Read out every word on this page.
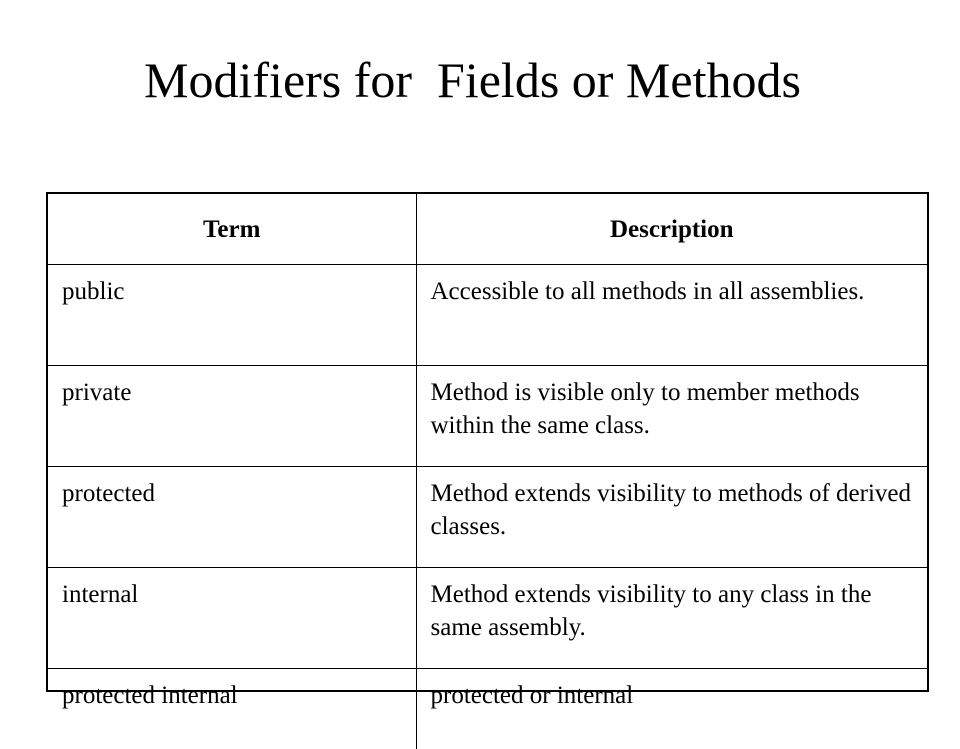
Modifiers for  Fields or Methods
Term	Description
public	Accessible to all methods in all assemblies.
private	Method is visible only to member methods within the same class.
protected	Method extends visibility to methods of derived classes.
internal	Method extends visibility to any class in the same assembly.
protected internal	protected or internal
